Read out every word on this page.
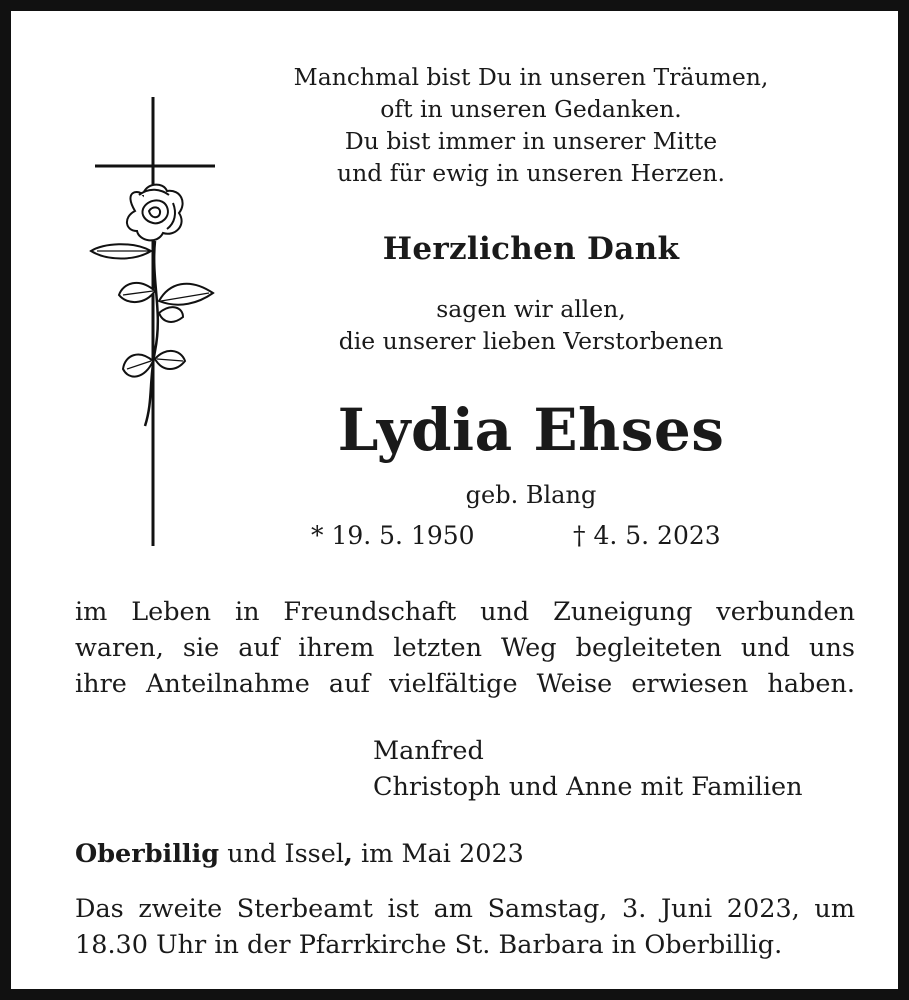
Manchmal bist Du in unseren Träumen,
oft in unseren Gedanken.
Du bist immer in unserer Mitte
und für ewig in unseren Herzen.
Herzlichen Dank
sagen wir allen,
die unserer lieben Verstorbenen
Lydia Ehses
geb. Blang
* 19. 5. 1950	† 4. 5. 2023
im Leben in Freundschaft und Zuneigung verbunden
waren, sie auf ihrem letzten Weg begleiteten und uns
ihre Anteilnahme auf vielfältige Weise erwiesen haben.
Manfred
Christoph und Anne mit Familien
Oberbillig und Issel, im Mai 2023
Das zweite Sterbeamt ist am Samstag, 3. Juni 2023, um
18.30 Uhr in der Pfarrkirche St. Barbara in Oberbillig.
